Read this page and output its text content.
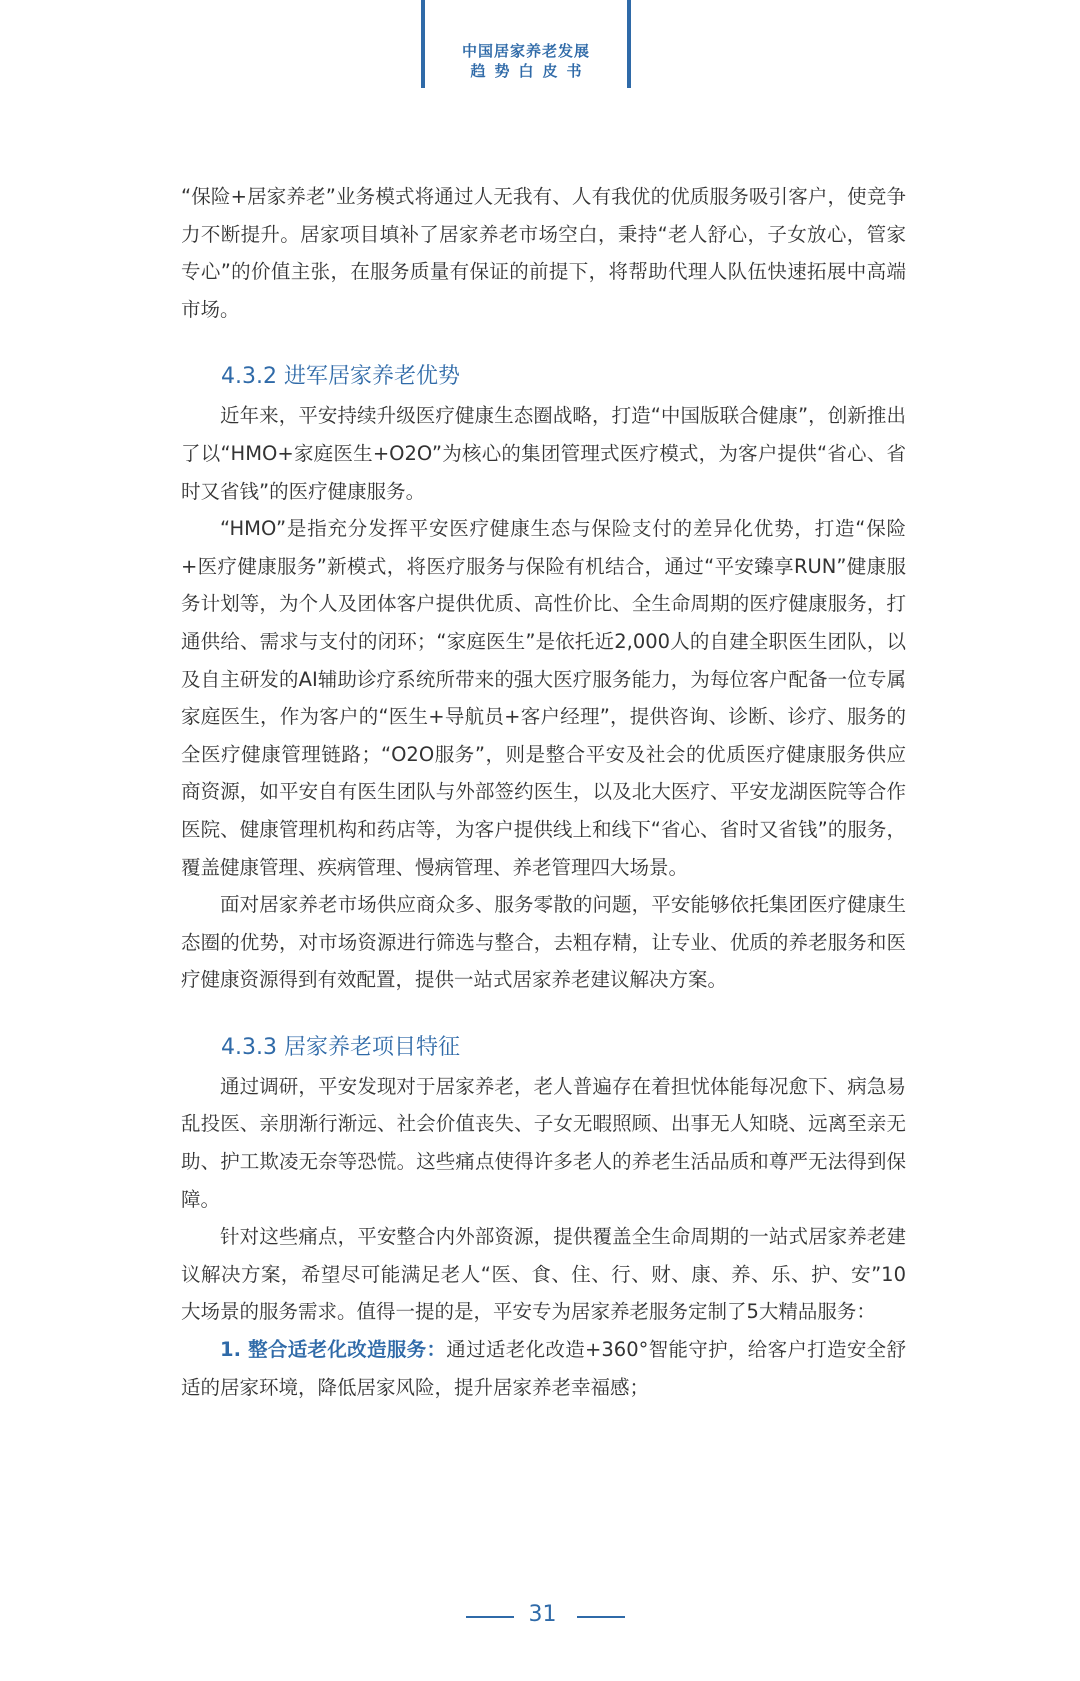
中国居家养老发展
趋势白皮书

“保险+居家养老”业务模式将通过人无我有、人有我优的优质服务吸引客户，使竞争力不断提升。居家项目填补了居家养老市场空白，秉持“老人舒心，子女放心，管家专心”的价值主张，在服务质量有保证的前提下，将帮助代理人队伍快速拓展中高端市场。

4.3.2 进军居家养老优势

近年来，平安持续升级医疗健康生态圈战略，打造“中国版联合健康”，创新推出了以“HMO+家庭医生+O2O”为核心的集团管理式医疗模式，为客户提供“省心、省时又省钱”的医疗健康服务。

“HMO”是指充分发挥平安医疗健康生态与保险支付的差异化优势，打造“保险+医疗健康服务”新模式，将医疗服务与保险有机结合，通过“平安臻享RUN”健康服务计划等，为个人及团体客户提供优质、高性价比、全生命周期的医疗健康服务，打通供给、需求与支付的闭环；“家庭医生”是依托近2,000人的自建全职医生团队，以及自主研发的AI辅助诊疗系统所带来的强大医疗服务能力，为每位客户配备一位专属家庭医生，作为客户的“医生+导航员+客户经理”，提供咨询、诊断、诊疗、服务的全医疗健康管理链路；“O2O服务”，则是整合平安及社会的优质医疗健康服务供应商资源，如平安自有医生团队与外部签约医生，以及北大医疗、平安龙湖医院等合作医院、健康管理机构和药店等，为客户提供线上和线下“省心、省时又省钱”的服务，覆盖健康管理、疾病管理、慢病管理、养老管理四大场景。

面对居家养老市场供应商众多、服务零散的问题，平安能够依托集团医疗健康生态圈的优势，对市场资源进行筛选与整合，去粗存精，让专业、优质的养老服务和医疗健康资源得到有效配置，提供一站式居家养老建议解决方案。

4.3.3 居家养老项目特征

通过调研，平安发现对于居家养老，老人普遍存在着担忧体能每况愈下、病急易乱投医、亲朋渐行渐远、社会价值丧失、子女无暇照顾、出事无人知晓、远离至亲无助、护工欺凌无奈等恐慌。这些痛点使得许多老人的养老生活品质和尊严无法得到保障。

针对这些痛点，平安整合内外部资源，提供覆盖全生命周期的一站式居家养老建议解决方案，希望尽可能满足老人“医、食、住、行、财、康、养、乐、护、安”10大场景的服务需求。值得一提的是，平安专为居家养老服务定制了5大精品服务：

1. 整合适老化改造服务：通过适老化改造+360°智能守护，给客户打造安全舒适的居家环境，降低居家风险，提升居家养老幸福感；

31
